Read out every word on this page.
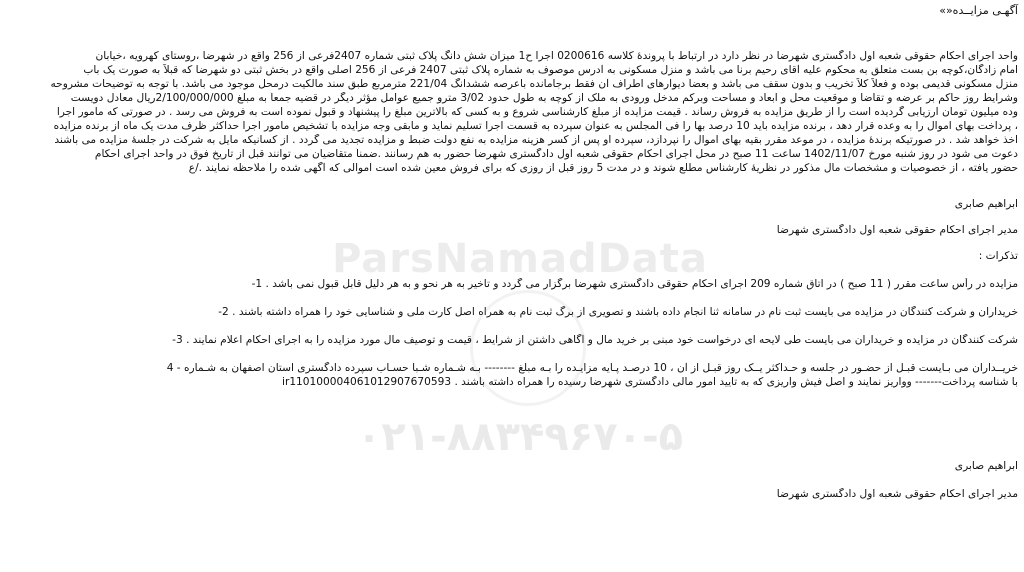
آگهـی مزایــده«»
واحد اجرای احکام حقوقی شعبه اول دادگستری شهرضا در نظر دارد در ارتباط با پروندۀ کلاسه 0200616 اجرا ح1 میزان شش دانگ پلاک ثبتی شماره 2407فرعی از 256 واقع در شهرضا ،روستای کهرویه ،خیابان
امام زادگان،کوچه بن بست متعلق به محکوم علیه آقای رحیم برنا می باشد و منزل مسکونی به آدرس موصوف به شماره پلاک ثبتی 2407 فرعی از 256 اصلی واقع در بخش ثبتی دو شهرضا که قبلاً به صورت یک باب
منزل مسکونی قدیمی بوده و فعلاً کلاً تخریب و بدون سقف می باشد و بعضاً دیوارهای اطراف آن فقط برجامانده باعرصه ششدانگ 221/04 مترمربع طبق سند مالکیت درمحل موجود می باشد. با توجه به توضیحات مشروحه
وشرایط روز حاکم بر عرضه و تقاضا و موقعیت محل و ابعاد و مساحت وبرکم مدخل ورودی به ملک از کوچه به طول حدود 3/02 مترو جمیع عوامل مؤثر دیگر در قضیه جمعاً به مبلغ 2/100/000/000ریال معادل دویست
وده میلیون تومان ارزیابی گردیده است را از طریق مزایده به فروش رساند . قیمت مزایده از مبلغ کارشناسی شروع و به کسی که بالاترین مبلغ را پیشنهاد و قبول نموده است به فروش می رسد . در صورتی که مامور اجرا
، پرداخت بهای اموال را به وعده قرار دهد ، برنده مزایده باید 10 درصد بها را فی المجلس به عنوان سپرده به قسمت اجرا تسلیم نماید و مابقی وجه مزایده با تشخیص مامور اجرا حداکثر ظرف مدت یک ماه از برنده مزایده
اخذ خواهد شد . در صورتیکه برندۀ مزایده ، در موعد مقرر بقیه بهای اموال را نپردازد، سپرده او پس از کسر هزینه مزایده به نفع دولت ضبط و مزایده تجدید می گردد . از کسانیکه مایل به شرکت در جلسۀ مزایده می باشند
دعوت می شود در روز شنبه مورخ 1402/11/07 ساعت 11 صبح در محل اجرای احکام حقوقی شعبه اول دادگستری شهرضا حضور به هم رسانند .ضمناً متقاضیان می توانند قبل از تاریخ فوق در واحد اجرای احکام
حضور یافته ، از خصوصیات و مشخصات مال مذکور در نظریۀ کارشناس مطلع شوند و در مدت 5 روز قبل از روزی که برای فروش معین شده است اموالی که آگهی شده را ملاحظه نمایند ./ع
ابراهیم صابری
مدیر اجرای احکام حقوقی شعبه اول دادگستری شهرضا
تذکرات :
مزایده در رأس ساعت مقرر ( 11 صبح ) در اتاق شماره 209 اجرای احکام حقوقی دادگستری شهرضا برگزار می گردد و تاخیر به هر نحو و به هر دلیل قابل قبول نمی باشد . 1-
خریداران و شرکت کنندگان در مزایده می بایست ثبت نام در سامانه ثنا انجام داده باشند و تصویری از برگ ثبت نام به همراه اصل کارت ملی و شناسایی خود را همراه داشته باشند . 2-
شرکت کنندگان در مزایده و خریداران می بایست طی لایحه ای درخواست خود مبنی بر خرید مال و آگاهی داشتن از شرایط ، قیمت و توصیف مال مورد مزایده را به اجرای احکام اعلام نمایند . 3-
خریــداران می بـایست قبـل از حضـور در جلسه و حـداکثر یــک روز قبـل از آن ، 10 درصـد پـایه مزایـده را بـه مبلغ -------- بـه شـماره شـبا حسـاب سپرده دادگستری استان اصفهان به شـماره - 4
با شناسه پرداخت------- وواریز نمایند و اصل فیش واریزی که به تایید امور مالی دادگستری شهرضا رسیده را همراه داشته باشند . ir110100004061012907670593
ابراهیم صابری
مدیر اجرای احکام حقوقی شعبه اول دادگستری شهرضا
ParsNamadData
۰۲۱-۸۸۳۴۹۶۷۰-۵
